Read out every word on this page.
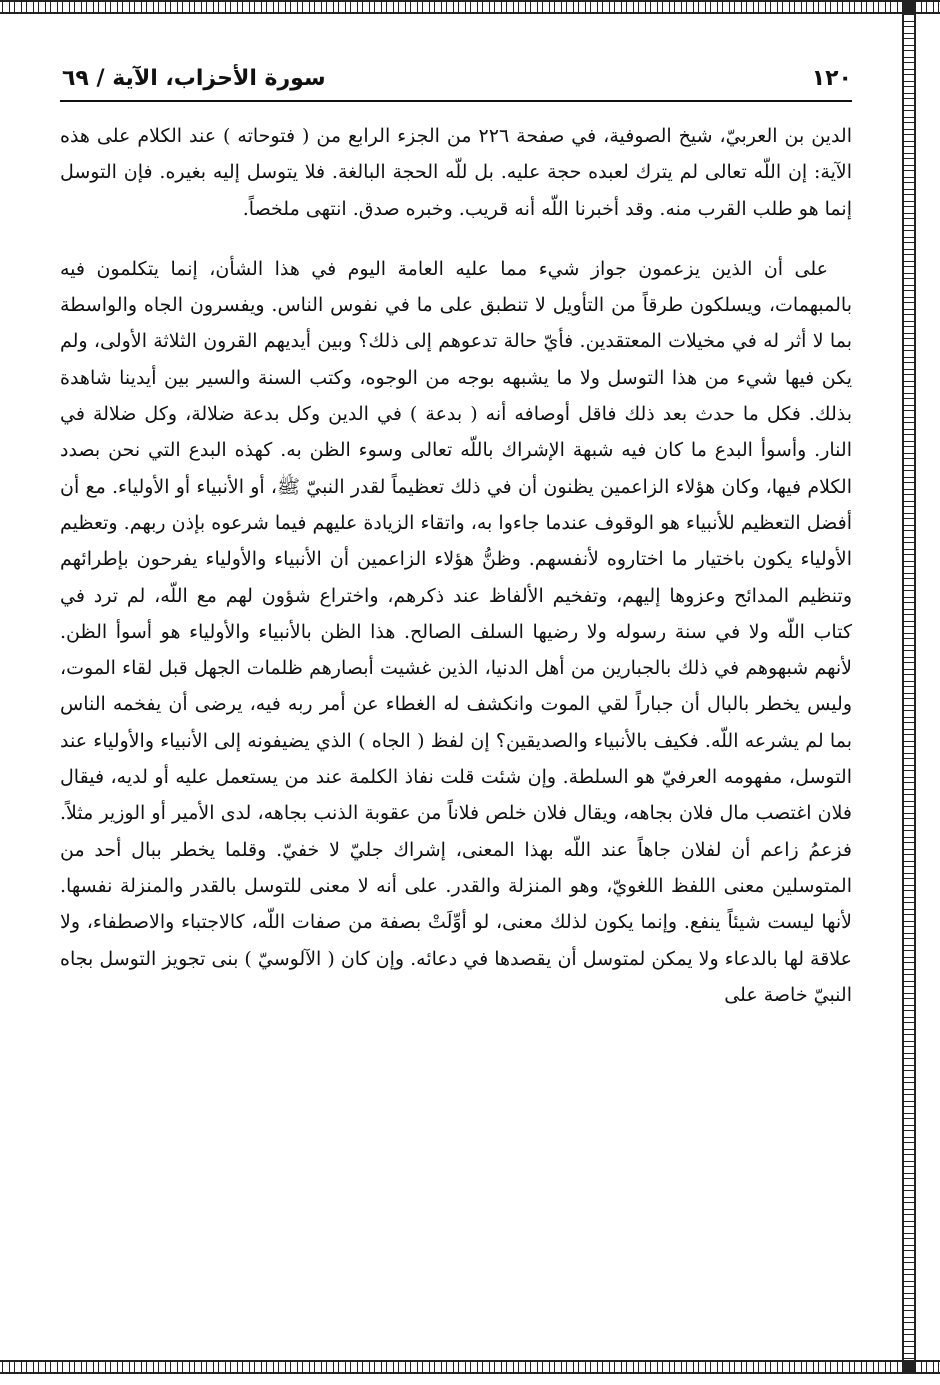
١٢٠
سورة الأحزاب، الآية / ٦٩

الدين بن العربيّ، شيخ الصوفية، في صفحة ٢٢٦ من الجزء الرابع من ( فتوحاته ) عند الكلام على هذه الآية: إن اللّه تعالى لم يترك لعبده حجة عليه. بل للّه الحجة البالغة. فلا يتوسل إليه بغيره. فإن التوسل إنما هو طلب القرب منه. وقد أخبرنا اللّه أنه قريب. وخبره صدق. انتهى ملخصاً.

على أن الذين يزعمون جواز شيء مما عليه العامة اليوم في هذا الشأن، إنما يتكلمون فيه بالمبهمات، ويسلكون طرقاً من التأويل لا تنطبق على ما في نفوس الناس. ويفسرون الجاه والواسطة بما لا أثر له في مخيلات المعتقدين. فأيّ حالة تدعوهم إلى ذلك؟ وبين أيديهم القرون الثلاثة الأولى، ولم يكن فيها شيء من هذا التوسل ولا ما يشبهه بوجه من الوجوه، وكتب السنة والسير بين أيدينا شاهدة بذلك. فكل ما حدث بعد ذلك فاقل أوصافه أنه ( بدعة ) في الدين وكل بدعة ضلالة، وكل ضلالة في النار. وأسوأ البدع ما كان فيه شبهة الإشراك باللّه تعالى وسوء الظن به. كهذه البدع التي نحن بصدد الكلام فيها، وكان هؤلاء الزاعمين يظنون أن في ذلك تعظيماً لقدر النبيّ ﷺ، أو الأنبياء أو الأولياء. مع أن أفضل التعظيم للأنبياء هو الوقوف عندما جاءوا به، واتقاء الزيادة عليهم فيما شرعوه بإذن ربهم. وتعظيم الأولياء يكون باختيار ما اختاروه لأنفسهم. وظنُّ هؤلاء الزاعمين أن الأنبياء والأولياء يفرحون بإطرائهم وتنظيم المدائح وعزوها إليهم، وتفخيم الألفاظ عند ذكرهم، واختراع شؤون لهم مع اللّه، لم ترد في كتاب اللّه ولا في سنة رسوله ولا رضيها السلف الصالح. هذا الظن بالأنبياء والأولياء هو أسوأ الظن. لأنهم شبهوهم في ذلك بالجبارين من أهل الدنيا، الذين غشيت أبصارهم ظلمات الجهل قبل لقاء الموت، وليس يخطر بالبال أن جباراً لقي الموت وانكشف له الغطاء عن أمر ربه فيه، يرضى أن يفخمه الناس بما لم يشرعه اللّه. فكيف بالأنبياء والصديقين؟ إن لفظ ( الجاه ) الذي يضيفونه إلى الأنبياء والأولياء عند التوسل، مفهومه العرفيّ هو السلطة. وإن شئت قلت نفاذ الكلمة عند من يستعمل عليه أو لديه، فيقال فلان اغتصب مال فلان بجاهه، ويقال فلان خلص فلاناً من عقوبة الذنب بجاهه، لدى الأمير أو الوزير مثلاً. فزعمُ زاعم أن لفلان جاهاً عند اللّه بهذا المعنى، إشراك جليّ لا خفيّ. وقلما يخطر ببال أحد من المتوسلين معنى اللفظ اللغويّ، وهو المنزلة والقدر. على أنه لا معنى للتوسل بالقدر والمنزلة نفسها. لأنها ليست شيئاً ينفع. وإنما يكون لذلك معنى، لو أوِّلَتْ بصفة من صفات اللّه، كالاجتباء والاصطفاء، ولا علاقة لها بالدعاء ولا يمكن لمتوسل أن يقصدها في دعائه. وإن كان ( الآلوسيّ ) بنى تجويز التوسل بجاه النبيّ خاصة على
